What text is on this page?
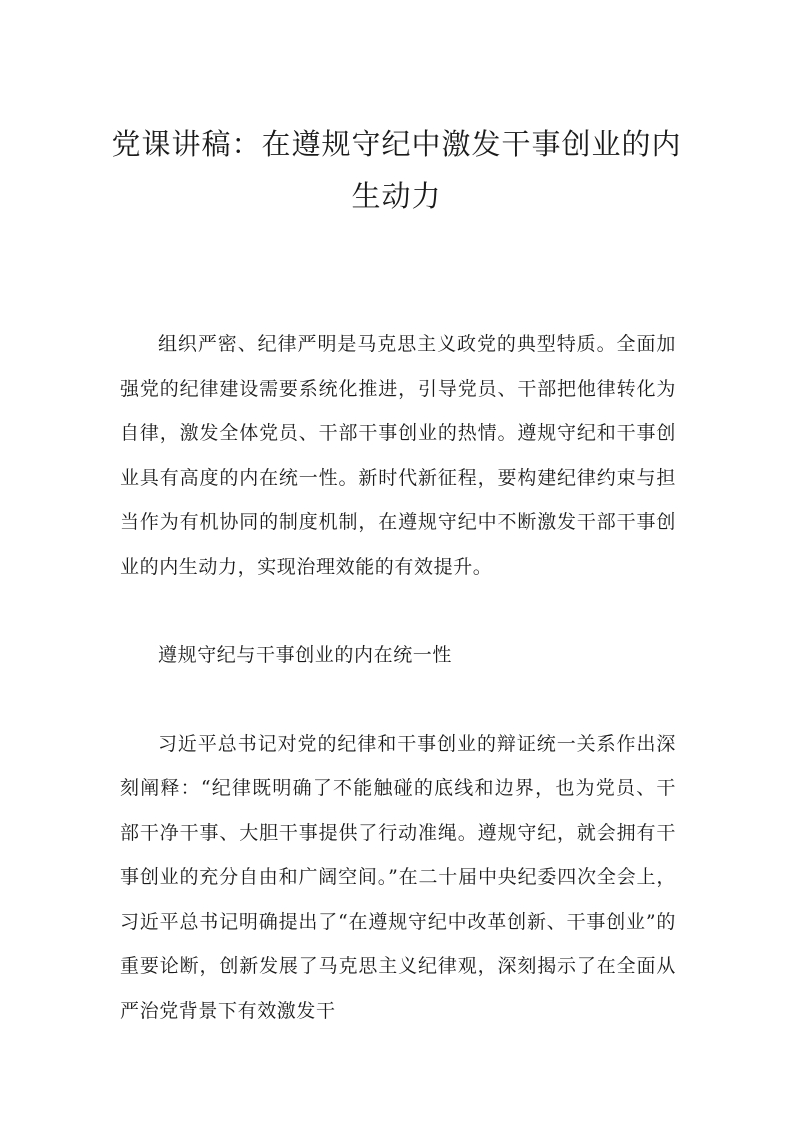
党课讲稿：在遵规守纪中激发干事创业的内生动力

组织严密、纪律严明是马克思主义政党的典型特质。全面加强党的纪律建设需要系统化推进，引导党员、干部把他律转化为自律，激发全体党员、干部干事创业的热情。遵规守纪和干事创业具有高度的内在统一性。新时代新征程，要构建纪律约束与担当作为有机协同的制度机制，在遵规守纪中不断激发干部干事创业的内生动力，实现治理效能的有效提升。

遵规守纪与干事创业的内在统一性

习近平总书记对党的纪律和干事创业的辩证统一关系作出深刻阐释：“纪律既明确了不能触碰的底线和边界，也为党员、干部干净干事、大胆干事提供了行动准绳。遵规守纪，就会拥有干事创业的充分自由和广阔空间。”在二十届中央纪委四次全会上，习近平总书记明确提出了“在遵规守纪中改革创新、干事创业”的重要论断，创新发展了马克思主义纪律观，深刻揭示了在全面从严治党背景下有效激发干
